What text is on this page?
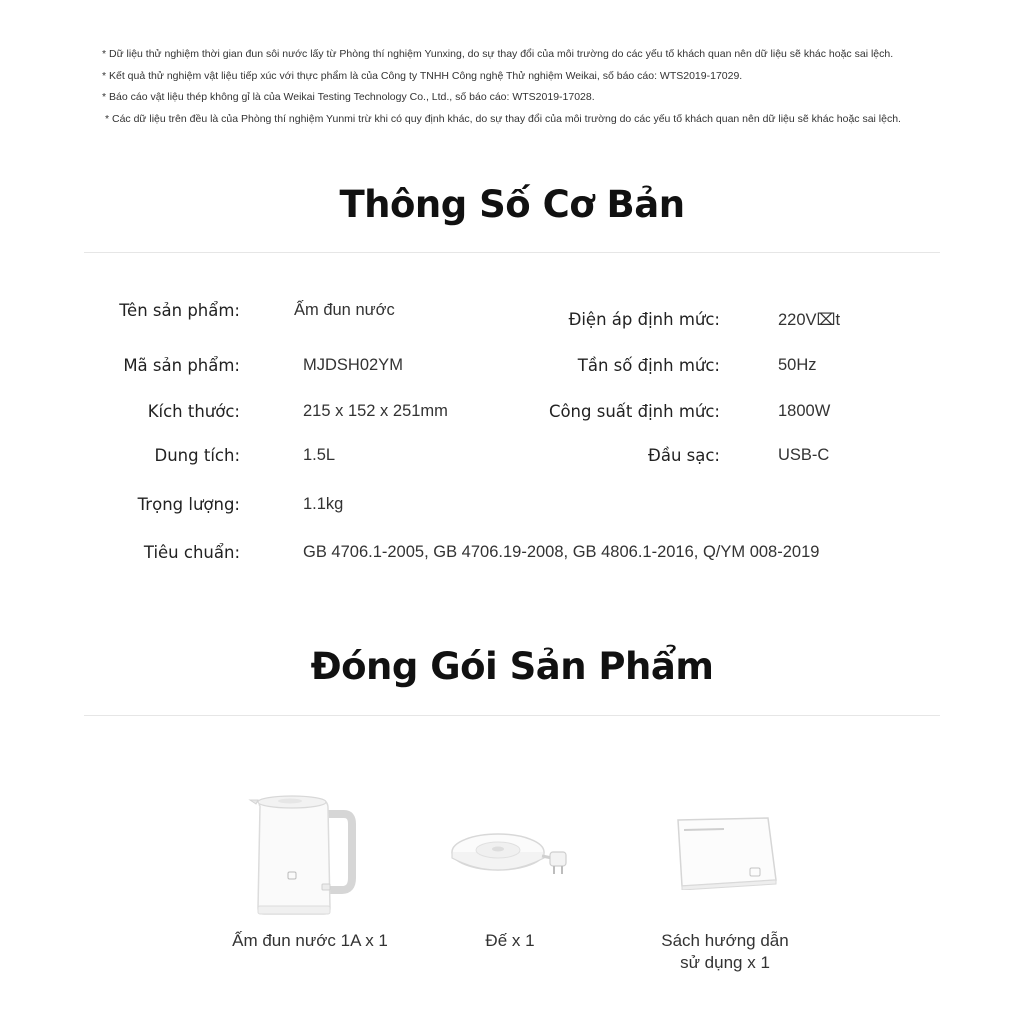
* Dữ liệu thử nghiệm thời gian đun sôi nước lấy từ Phòng thí nghiệm Yunxing, do sự thay đổi của môi trường do các yếu tố khách quan nên dữ liệu sẽ khác hoặc sai lệch.
* Kết quả thử nghiệm vật liệu tiếp xúc với thực phẩm là của Công ty TNHH Công nghệ Thử nghiệm Weikai, số báo cáo: WTS2019-17029.
* Báo cáo vật liệu thép không gỉ là của Weikai Testing Technology Co., Ltd., số báo cáo: WTS2019-17028.
* Các dữ liệu trên đều là của Phòng thí nghiệm Yunmi trừ khi có quy định khác, do sự thay đổi của môi trường do các yếu tố khách quan nên dữ liệu sẽ khác hoặc sai lệch.
Thông Số Cơ Bản
Tên sản phẩm:	Ấm đun nước
Mã sản phẩm:	MJDSH02YM
Kích thước:	215 x 152 x 251mm
Dung tích:	1.5L
Trọng lượng:	1.1kg
Tiêu chuẩn:	GB 4706.1-2005, GB 4706.19-2008, GB 4806.1-2016, Q/YM 008-2019
Điện áp định mức:	220V⌧t
Tần số định mức:	50Hz
Công suất định mức:	1800W
Đầu sạc:	USB-C
Đóng Gói Sản Phẩm
Ấm đun nước 1A x 1	Đế x 1	Sách hướng dẫn
sử dụng x 1
